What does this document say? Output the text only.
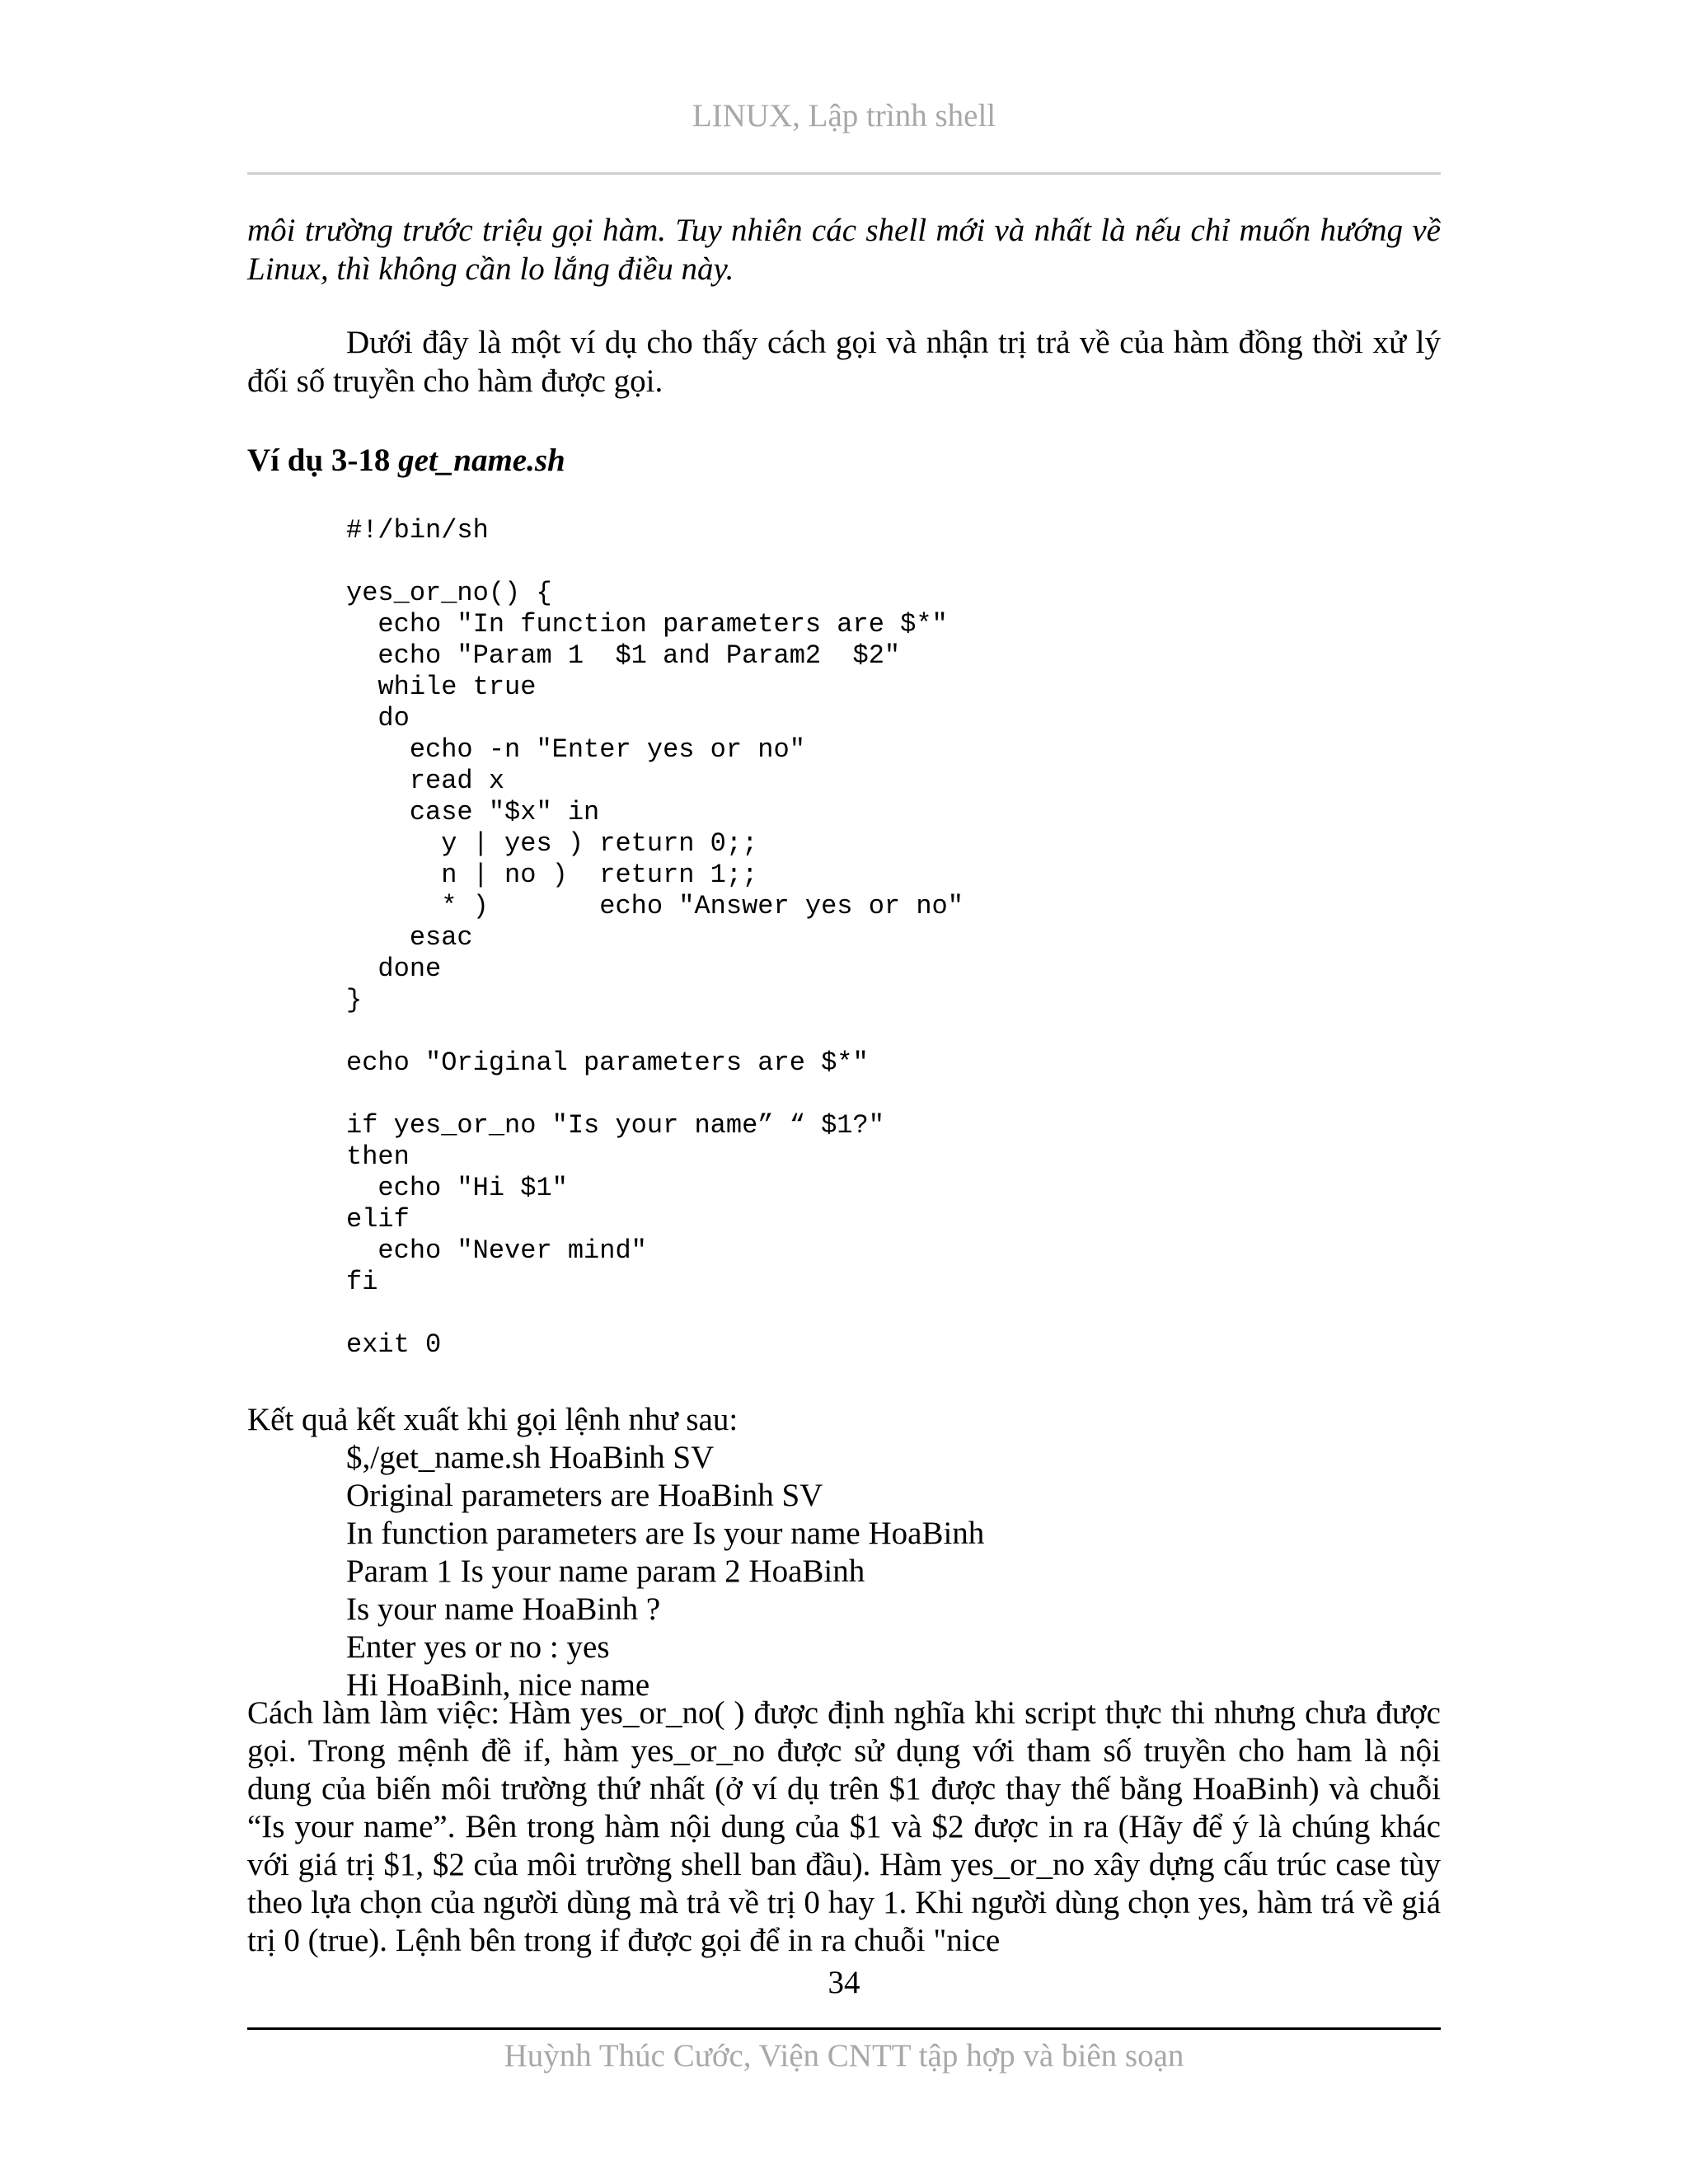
LINUX, Lập trình shell

môi trường trước triệu gọi hàm. Tuy nhiên các shell mới và nhất là nếu chỉ muốn hướng về Linux, thì không cần lo lắng điều này.

Dưới đây là một ví dụ cho thấy cách gọi và nhận trị trả về của hàm đồng thời xử lý đối số truyền cho hàm được gọi.

Ví dụ 3-18 get_name.sh

#!/bin/sh

yes_or_no() {
echo "In function parameters are $*"
echo "Param 1  $1 and Param2  $2"
while true
do
echo -n "Enter yes or no"
read x
case "$x" in
y | yes ) return 0;;
n | no )  return 1;;
* )       echo "Answer yes or no"
esac
done
}

echo "Original parameters are $*"

if yes_or_no "Is your name” “ $1?"
then
echo "Hi $1"
elif
echo "Never mind"
fi

exit 0

Kết quả kết xuất khi gọi lệnh như sau:

$,/get_name.sh HoaBinh SV
Original parameters are HoaBinh SV
In function parameters are Is your name HoaBinh
Param 1 Is your name param 2 HoaBinh
Is your name HoaBinh ?
Enter yes or no : yes
Hi HoaBinh, nice name

Cách làm làm việc: Hàm yes_or_no( ) được định nghĩa khi script thực thi nhưng chưa được gọi. Trong mệnh đề if, hàm yes_or_no được sử dụng với tham số truyền cho ham là nội dung của biến môi trường thứ nhất (ở ví dụ trên $1 được thay thế bằng HoaBinh) và chuỗi “Is your name”. Bên trong hàm nội dung của $1 và $2 được in ra (Hãy để ý là chúng khác với giá trị $1, $2 của môi trường shell ban đầu). Hàm yes_or_no xây dựng cấu trúc case tùy theo lựa chọn của người dùng mà trả về trị 0 hay 1. Khi người dùng chọn yes, hàm trá về giá trị 0 (true). Lệnh bên trong if được gọi để in ra chuỗi "nice

34
Huỳnh Thúc Cước, Viện CNTT tập hợp và biên soạn
